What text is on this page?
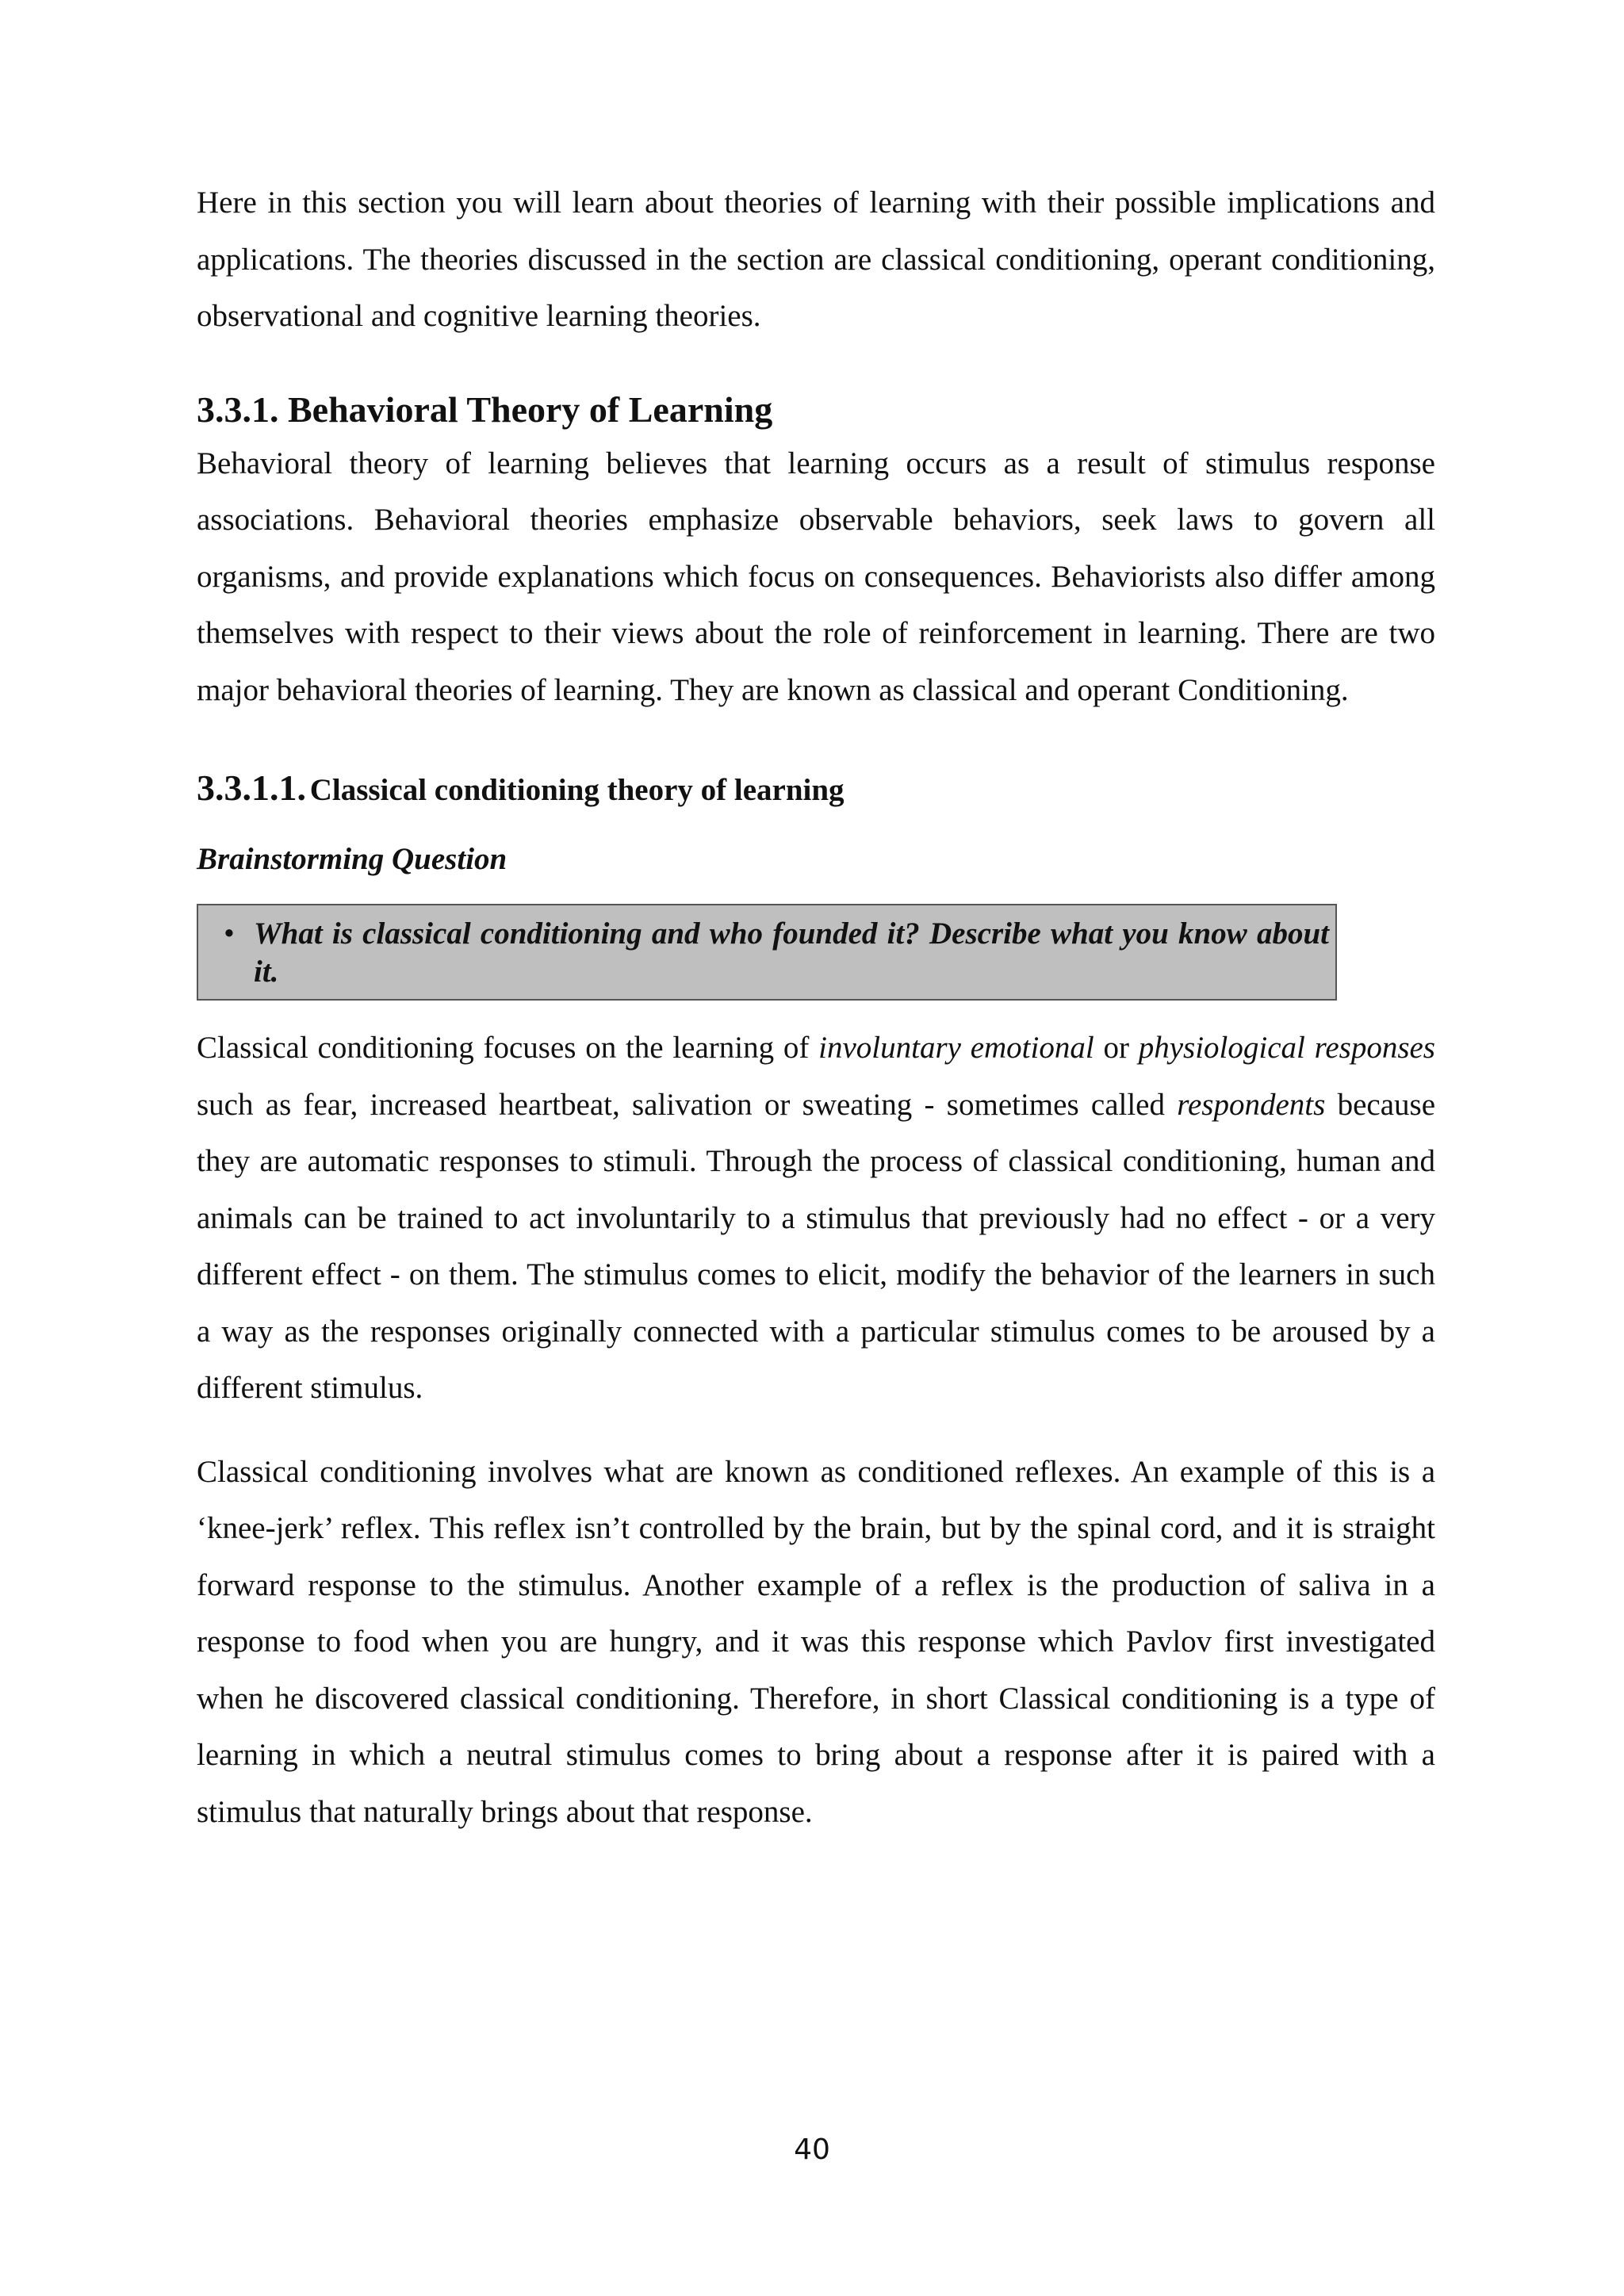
Here in this section you will learn about theories of learning with their possible implications and applications. The theories discussed in the section are classical conditioning, operant conditioning, observational and cognitive learning theories.

3.3.1. Behavioral Theory of Learning

Behavioral theory of learning believes that learning occurs as a result of stimulus response associations. Behavioral theories emphasize observable behaviors, seek laws to govern all organisms, and provide explanations which focus on consequences. Behaviorists also differ among themselves with respect to their views about the role of reinforcement in learning. There are two major behavioral theories of learning. They are known as classical and operant Conditioning.

3.3.1.1. Classical conditioning theory of learning
Brainstorming Question
• What is classical conditioning and who founded it? Describe what you know about it.

Classical conditioning focuses on the learning of involuntary emotional or physiological responses such as fear, increased heartbeat, salivation or sweating - sometimes called respondents because they are automatic responses to stimuli. Through the process of classical conditioning, human and animals can be trained to act involuntarily to a stimulus that previously had no effect - or a very different effect - on them. The stimulus comes to elicit, modify the behavior of the learners in such a way as the responses originally connected with a particular stimulus comes to be aroused by a different stimulus.

Classical conditioning involves what are known as conditioned reflexes. An example of this is a ‘knee-jerk’ reflex. This reflex isn’t controlled by the brain, but by the spinal cord, and it is straight forward response to the stimulus. Another example of a reflex is the production of saliva in a response to food when you are hungry, and it was this response which Pavlov first investigated when he discovered classical conditioning. Therefore, in short Classical conditioning is a type of learning in which a neutral stimulus comes to bring about a response after it is paired with a stimulus that naturally brings about that response.

40
